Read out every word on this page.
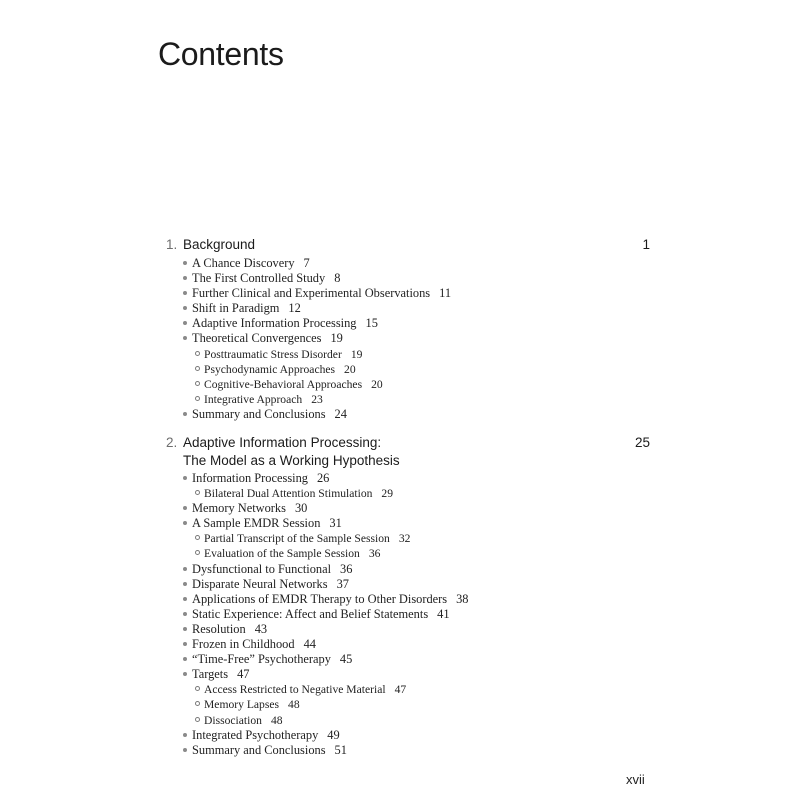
Contents
1. Background	1
A Chance Discovery 7
The First Controlled Study 8
Further Clinical and Experimental Observations 11
Shift in Paradigm 12
Adaptive Information Processing 15
Theoretical Convergences 19
Posttraumatic Stress Disorder 19
Psychodynamic Approaches 20
Cognitive-Behavioral Approaches 20
Integrative Approach 23
Summary and Conclusions 24
2. Adaptive Information Processing:
The Model as a Working Hypothesis
25
Information Processing 26
Bilateral Dual Attention Stimulation 29
Memory Networks 30
A Sample EMDR Session 31
Partial Transcript of the Sample Session 32
Evaluation of the Sample Session 36
Dysfunctional to Functional 36
Disparate Neural Networks 37
Applications of EMDR Therapy to Other Disorders 38
Static Experience: Affect and Belief Statements 41
Resolution 43
Frozen in Childhood 44
“Time-Free” Psychotherapy 45
Targets 47
Access Restricted to Negative Material 47
Memory Lapses 48
Dissociation 48
Integrated Psychotherapy 49
Summary and Conclusions 51
xvii
